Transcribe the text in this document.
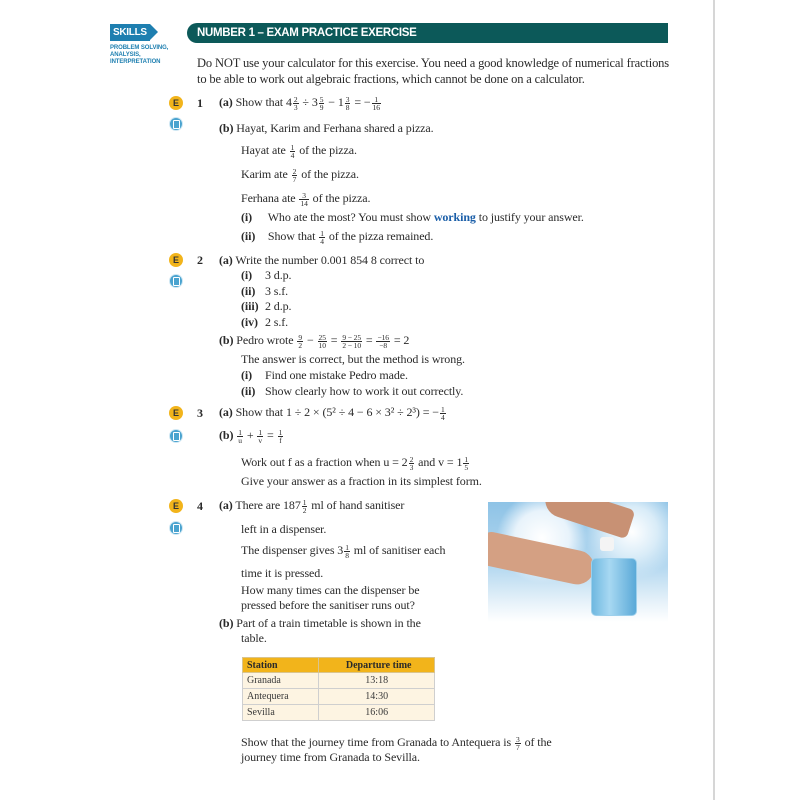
SKILLS
PROBLEM SOLVING,
ANALYSIS,
INTERPRETATION
NUMBER 1 – EXAM PRACTICE EXERCISE
Do NOT use your calculator for this exercise. You need a good knowledge of numerical fractions to be able to work out algebraic fractions, which cannot be done on a calculator.
E	1 (a) Show that $4 \frac{2}{3} \div 3 \frac{5}{9} - 1 \frac{3}{8}$ = − $\frac{1}{16}$
(b) Hayat, Karim and Ferhana shared a pizza.
Hayat ate $\frac{1}{4}$ of the pizza.
Karim ate $\frac{2}{7}$ of the pizza.
Ferhana ate $\frac{3}{14}$ of the pizza.
(i) Who ate the most? You must show working to justify your answer.
(ii) Show that $\frac{1}{4}$ of the pizza remained.
E	2 (a) Write the number 0.001 854 8 correct to
(i) 3 d.p.
(ii) 3 s.f.
(iii) 2 d.p.
(iv) 2 s.f.
(b) Pedro wrote $\frac{9}{2} - \frac{25}{10} = \frac{9 - 25}{2 - 10} = \frac{-16}{-8} = 2$
The answer is correct, but the method is wrong.
(i) Find one mistake Pedro made.
(ii) Show clearly how to work it out correctly.
E	3 (a) Show that 1 ÷ 2 × (5² ÷ 4 − 6 × 3² ÷ 2³) = − $\frac{1}{4}$
$(b) \frac{1}{u} + \frac{1}{v} = \frac{1}{f}$
Work out f as a fraction when $u = 2 \frac{2}{3}$ and $v = 1 \frac{1}{5}$
Give your answer as a fraction in its simplest form.
E	4 (a) There are $187 \frac{1}{2}$ ml of hand sanitiser
left in a dispenser.
The dispenser gives $3 \frac{1}{8}$ ml of sanitiser each
time it is pressed.
How many times can the dispenser be
pressed before the sanitiser runs out?
(b) Part of a train timetable is shown in the
table.
Station	Departure time
Granada	13:18
Antequera	14:30
Sevilla	16:06
Show that the journey time from Granada to Antequera is $\frac{3}{7}$ of the
journey time from Granada to Sevilla.
